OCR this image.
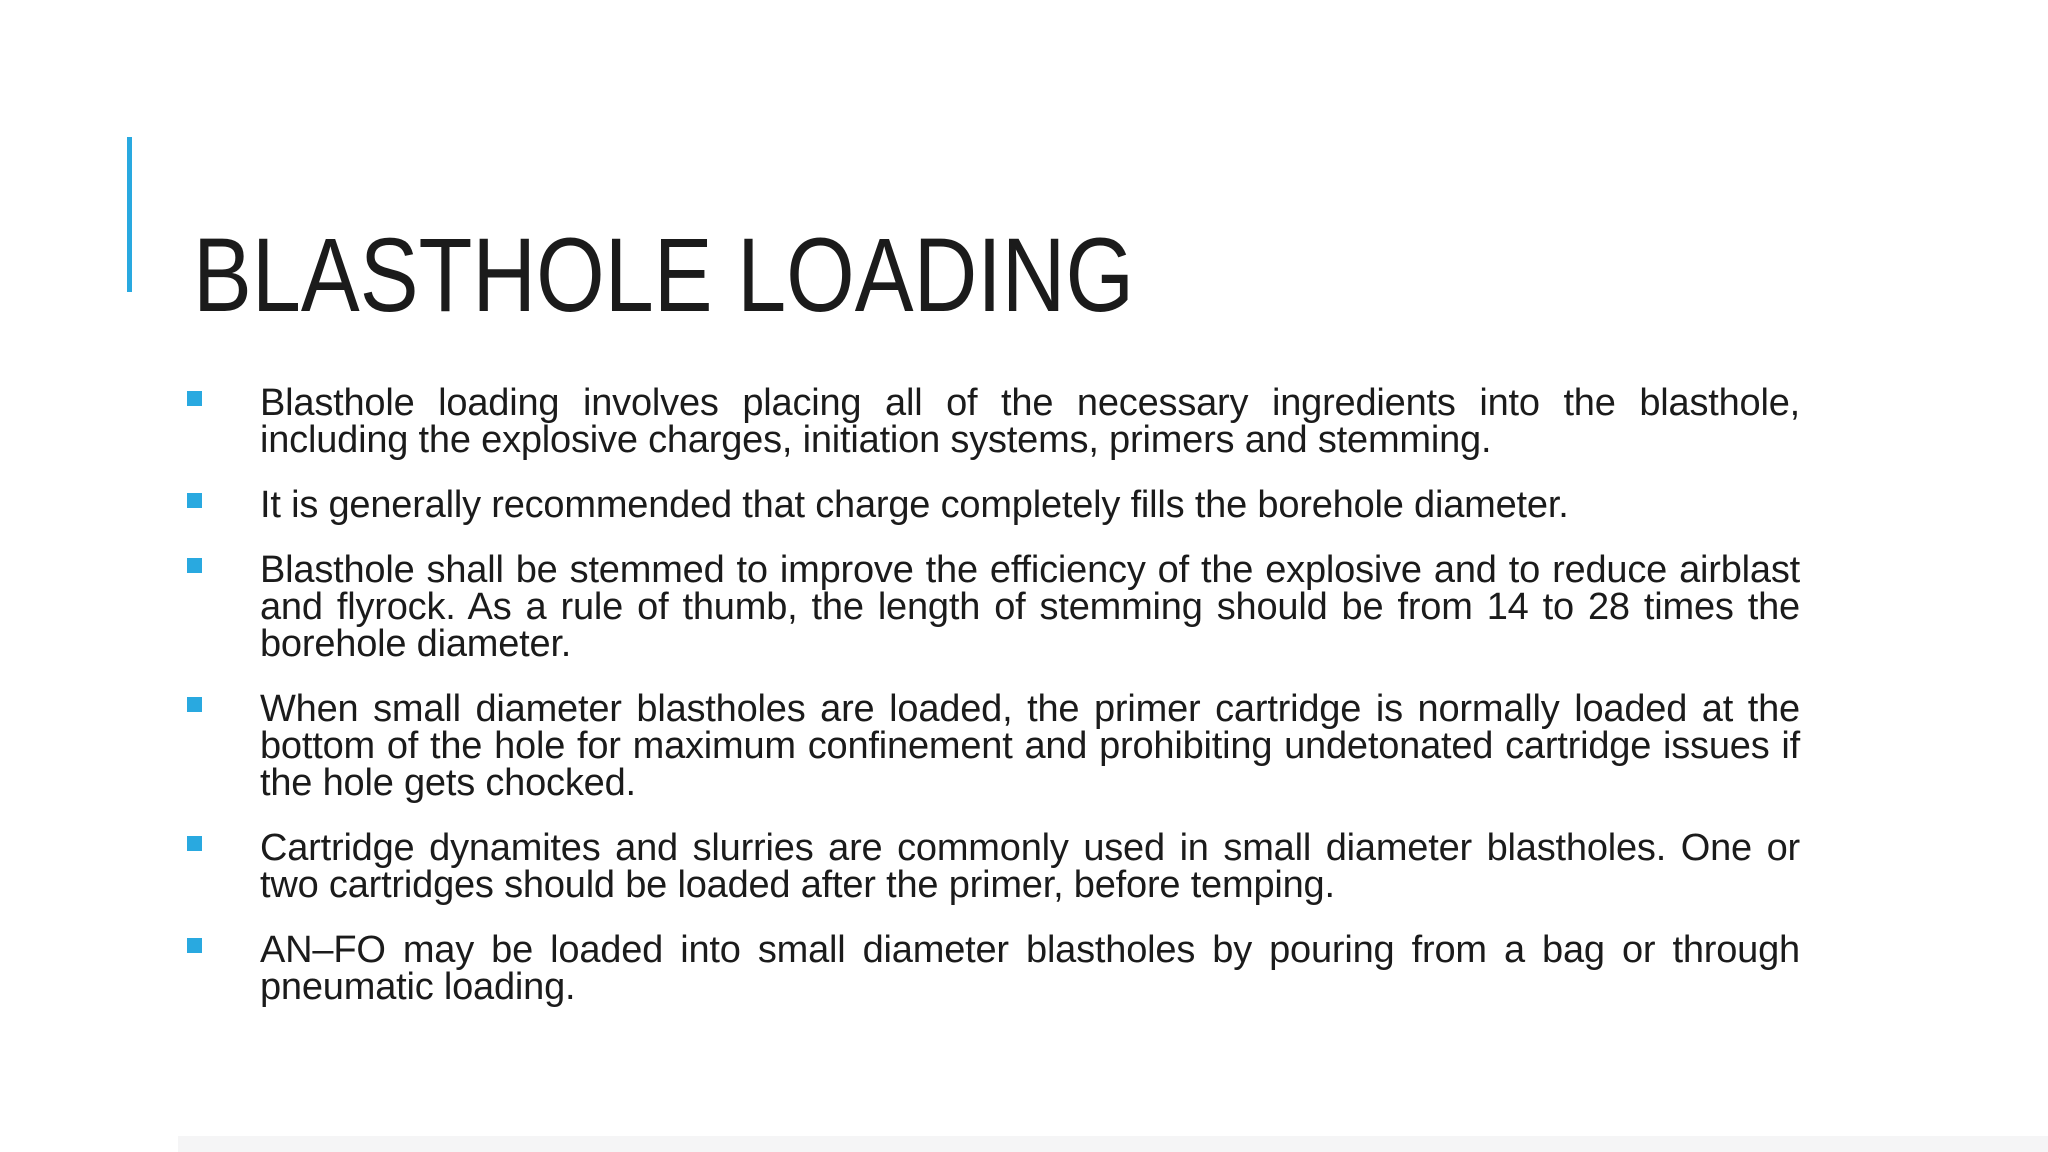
BLASTHOLE LOADING
Blasthole loading involves placing all of the necessary ingredients into the blasthole, including the explosive charges, initiation systems, primers and stemming.
It is generally recommended that charge completely fills the borehole diameter.
Blasthole shall be stemmed to improve the efficiency of the explosive and to reduce airblast and flyrock. As a rule of thumb, the length of stemming should be from 14 to 28 times the borehole diameter.
When small diameter blastholes are loaded, the primer cartridge is normally loaded at the bottom of the hole for maximum confinement and prohibiting undetonated cartridge issues if the hole gets chocked.
Cartridge dynamites and slurries are commonly used in small diameter blastholes. One or two cartridges should be loaded after the primer, before temping.
AN–FO may be loaded into small diameter blastholes by pouring from a bag or through pneumatic loading.
